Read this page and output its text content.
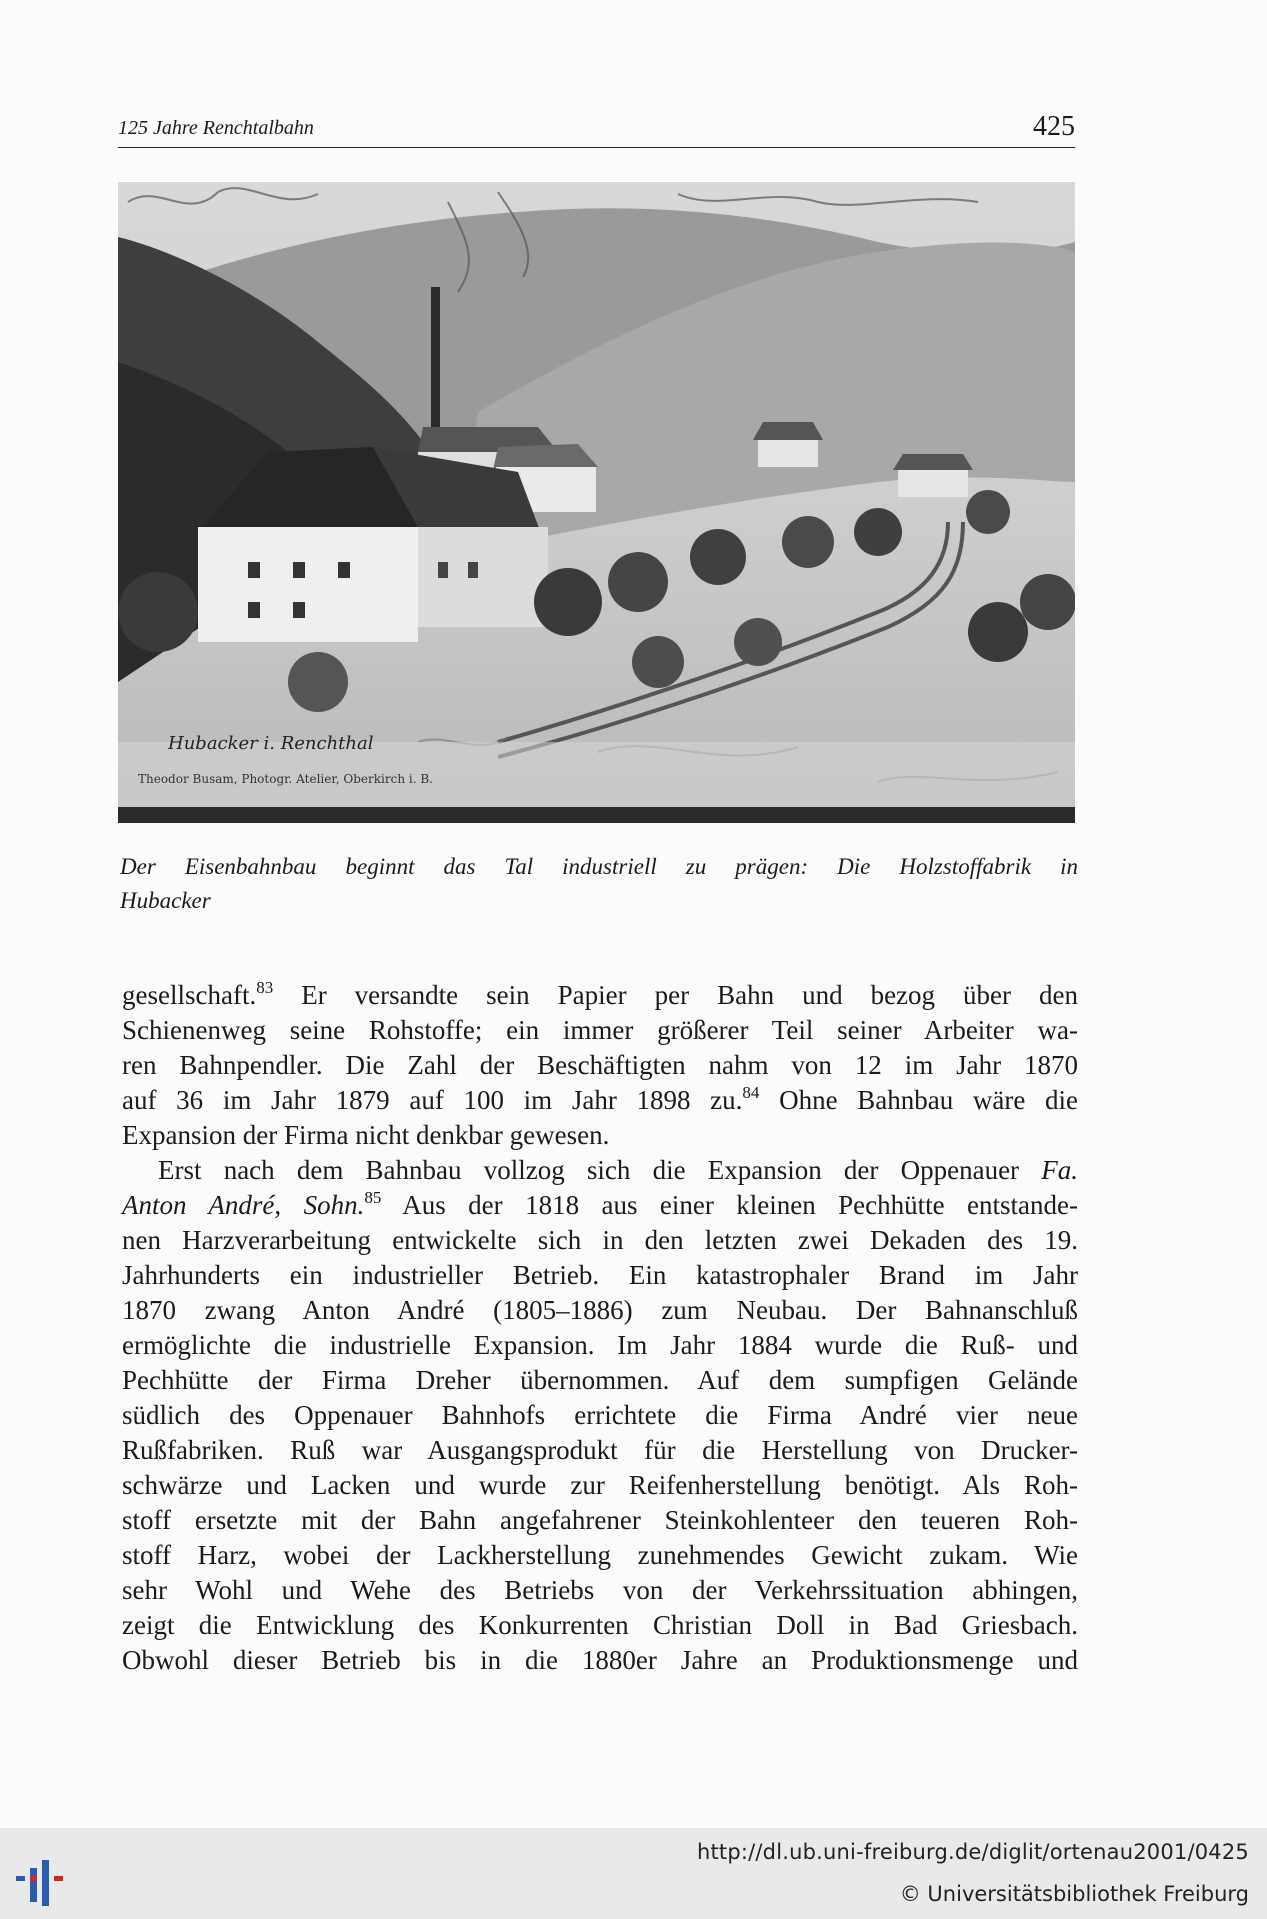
125 Jahre Renchtalbahn	425
Hubacker i. Renchthal
Theodor Busam, Photogr. Atelier, Oberkirch i. B.
Der Eisenbahnbau beginnt das Tal industriell zu prägen: Die Holzstoffabrik in
Hubacker
gesellschaft.$^{83}$ Er versandte sein Papier per Bahn und bezog über den
Schienenweg seine Rohstoffe; ein immer größerer Teil seiner Arbeiter wa-
ren Bahnpendler. Die Zahl der Beschäftigten nahm von 12 im Jahr 1870
auf 36 im Jahr 1879 auf 100 im Jahr 1898 zu.$^{84}$ Ohne Bahnbau wäre die
Expansion der Firma nicht denkbar gewesen.
Erst nach dem Bahnbau vollzog sich die Expansion der Oppenauer Fa.
Anton André, Sohn.$^{85}$ Aus der 1818 aus einer kleinen Pechhütte entstande-
nen Harzverarbeitung entwickelte sich in den letzten zwei Dekaden des 19.
Jahrhunderts ein industrieller Betrieb. Ein katastrophaler Brand im Jahr
1870 zwang Anton André (1805–1886) zum Neubau. Der Bahnanschluß
ermöglichte die industrielle Expansion. Im Jahr 1884 wurde die Ruß- und
Pechhütte der Firma Dreher übernommen. Auf dem sumpfigen Gelände
südlich des Oppenauer Bahnhofs errichtete die Firma André vier neue
Rußfabriken. Ruß war Ausgangsprodukt für die Herstellung von Drucker-
schwärze und Lacken und wurde zur Reifenherstellung benötigt. Als Roh-
stoff ersetzte mit der Bahn angefahrener Steinkohlenteer den teueren Roh-
stoff Harz, wobei der Lackherstellung zunehmendes Gewicht zukam. Wie
sehr Wohl und Wehe des Betriebs von der Verkehrssituation abhingen,
zeigt die Entwicklung des Konkurrenten Christian Doll in Bad Griesbach.
Obwohl dieser Betrieb bis in die 1880er Jahre an Produktionsmenge und
http://dl.ub.uni-freiburg.de/diglit/ortenau2001/0425
© Universitätsbibliothek Freiburg
